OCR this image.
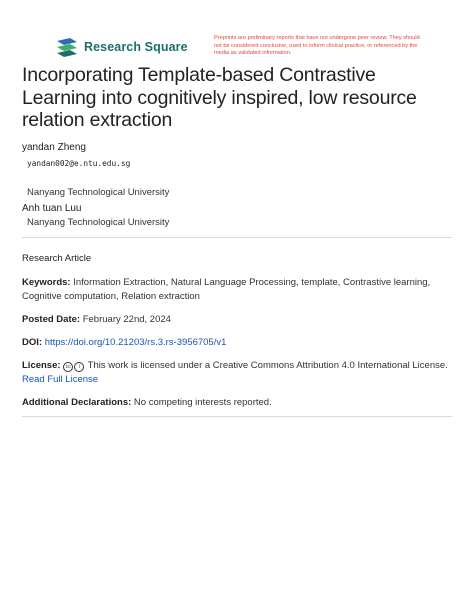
Research Square
Preprints are preliminary reports that have not undergone peer review. They should not be considered conclusive, used to inform clinical practice, or referenced by the media as validated information.
Incorporating Template-based Contrastive Learning into cognitively inspired, low resource relation extraction
yandan Zheng
yandan002@e.ntu.edu.sg
Nanyang Technological University
Anh tuan Luu
Nanyang Technological University
Research Article
Keywords: Information Extraction, Natural Language Processing, template, Contrastive learning, Cognitive computation, Relation extraction
Posted Date: February 22nd, 2024
DOI: https://doi.org/10.21203/rs.3.rs-3956705/v1
License: cc i This work is licensed under a Creative Commons Attribution 4.0 International License.
Read Full License
Additional Declarations: No competing interests reported.
